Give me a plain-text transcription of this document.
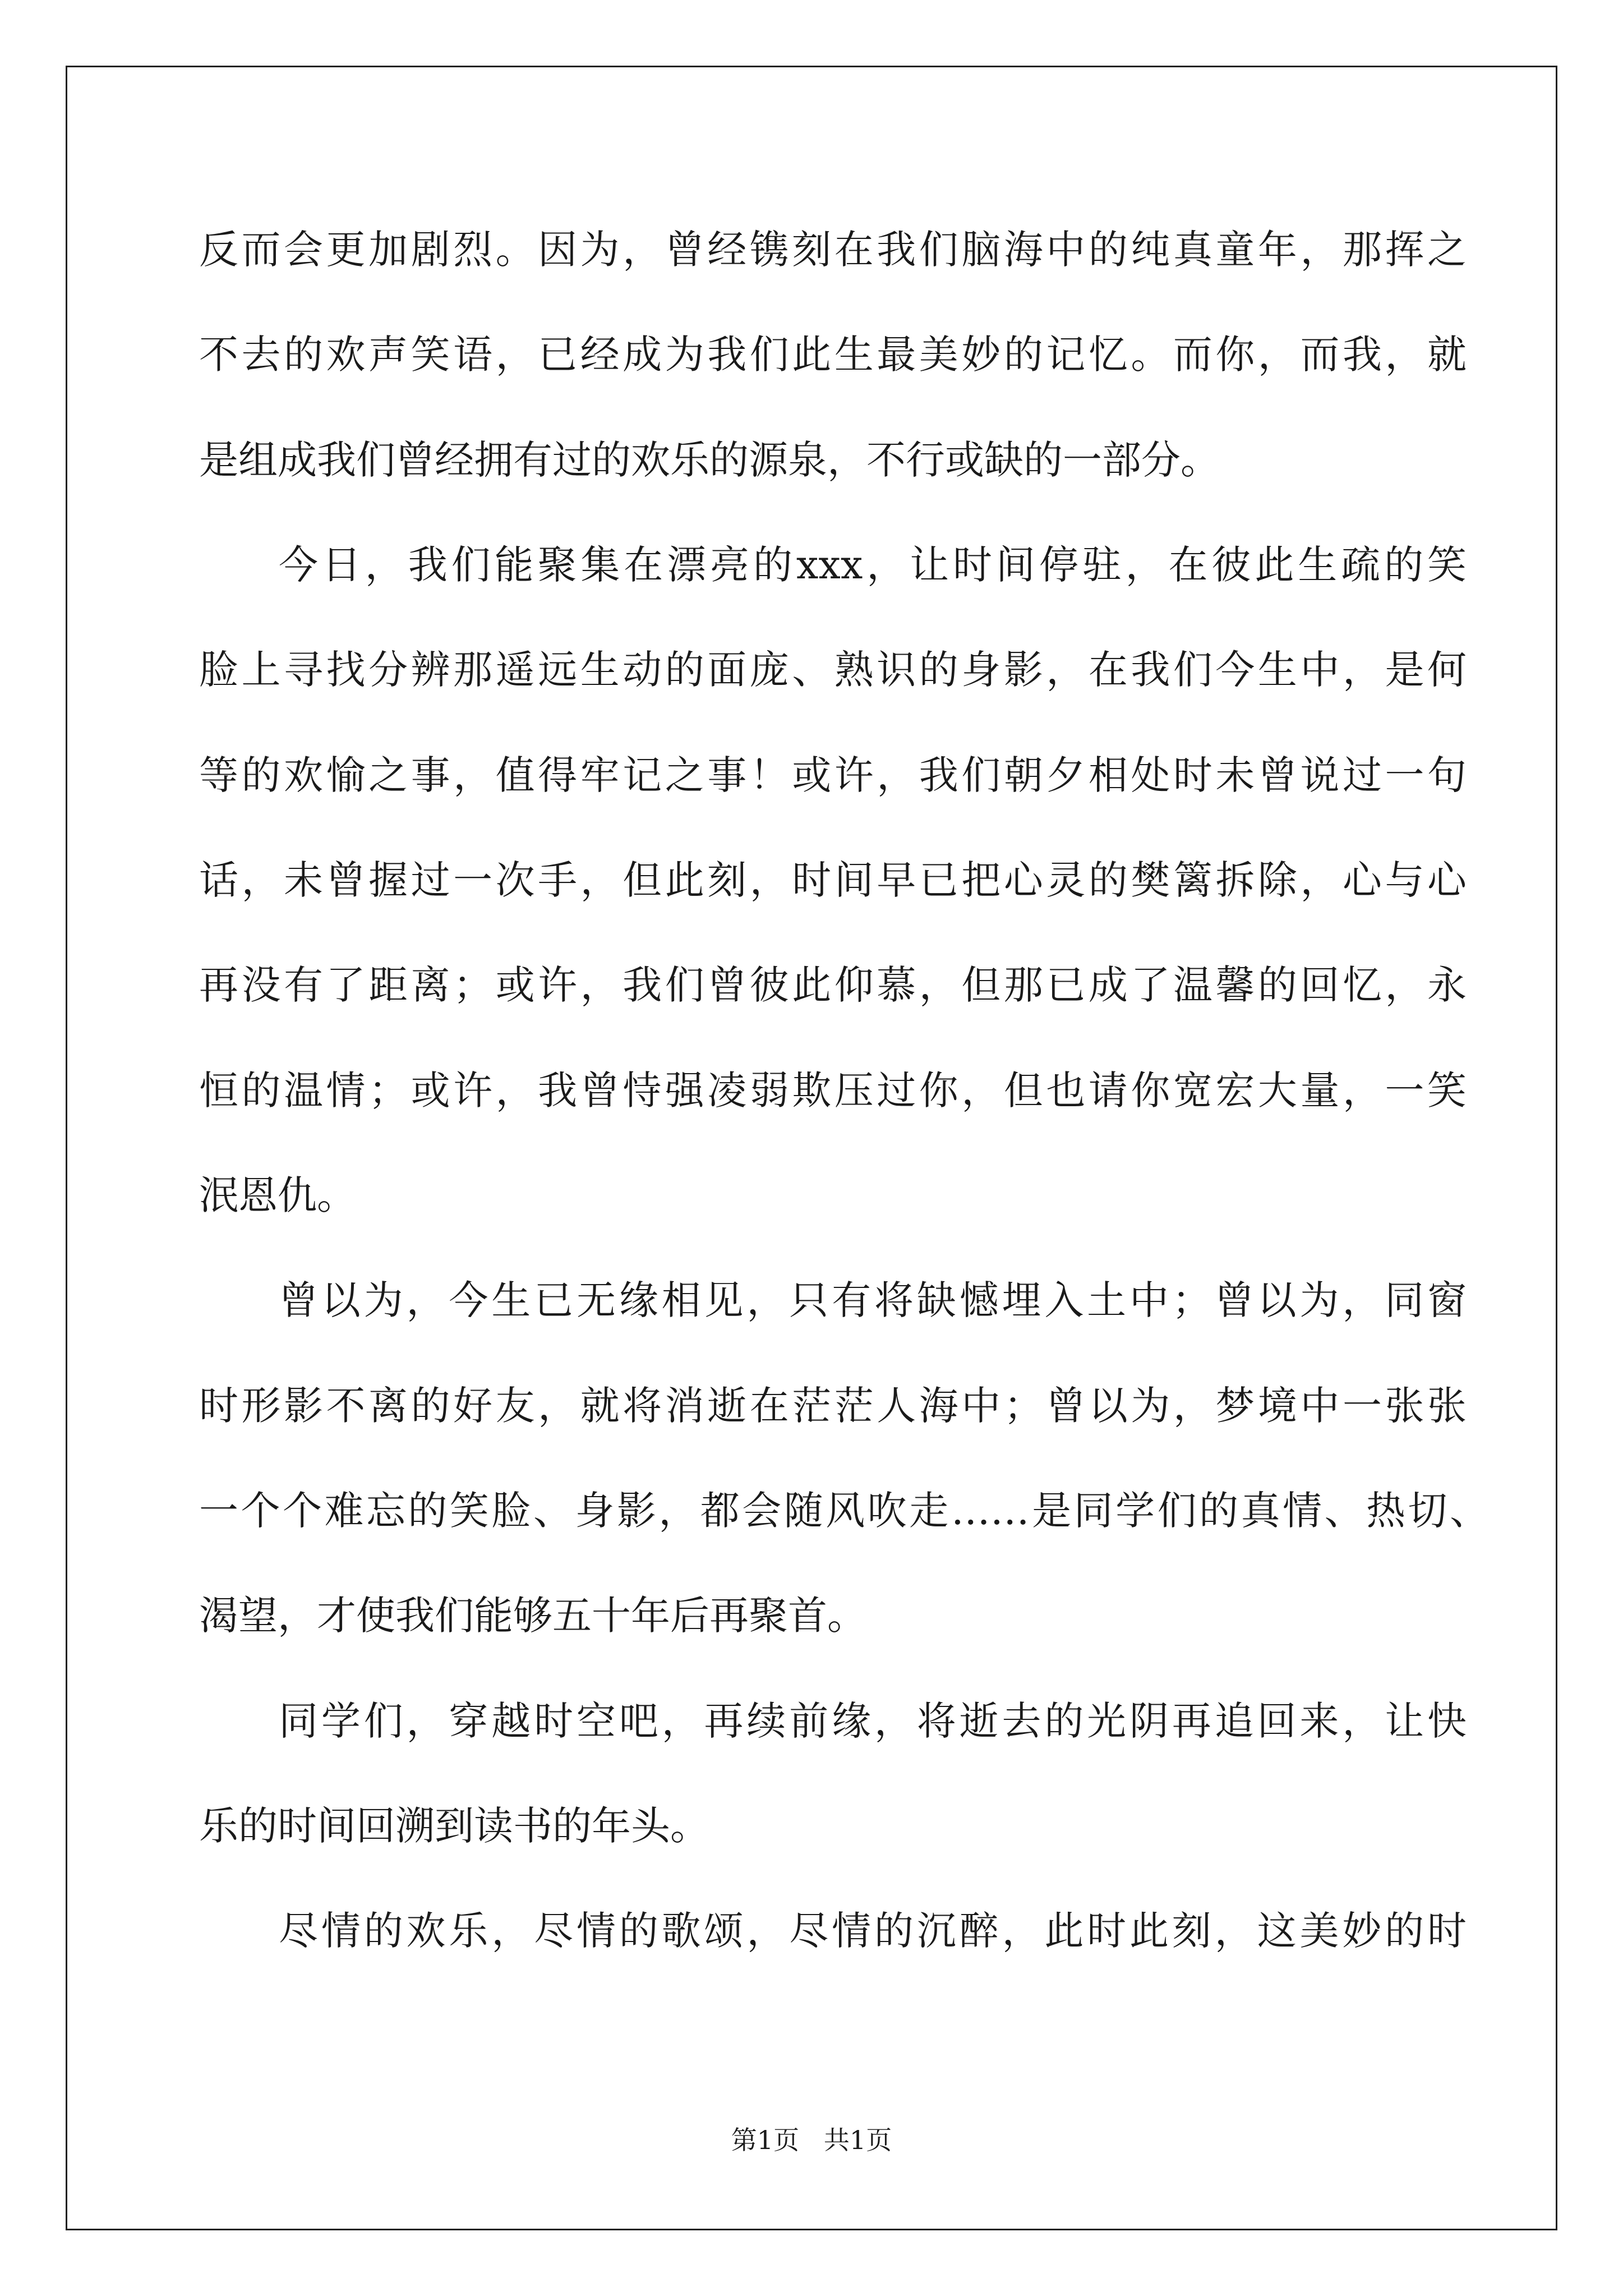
反而会更加剧烈。因为，曾经镌刻在我们脑海中的纯真童年，那挥之
不去的欢声笑语，已经成为我们此生最美妙的记忆。而你，而我，就
是组成我们曾经拥有过的欢乐的源泉，不行或缺的一部分。
今日，我们能聚集在漂亮的xxx，让时间停驻，在彼此生疏的笑
脸上寻找分辨那遥远生动的面庞、熟识的身影，在我们今生中，是何
等的欢愉之事，值得牢记之事！或许，我们朝夕相处时未曾说过一句
话，未曾握过一次手，但此刻，时间早已把心灵的樊篱拆除，心与心
再没有了距离；或许，我们曾彼此仰慕，但那已成了温馨的回忆，永
恒的温情；或许，我曾恃强凌弱欺压过你，但也请你宽宏大量，一笑
泯恩仇。
曾以为，今生已无缘相见，只有将缺憾埋入土中；曾以为，同窗
时形影不离的好友，就将消逝在茫茫人海中；曾以为，梦境中一张张
一个个难忘的笑脸、身影，都会随风吹走……是同学们的真情、热切、
渴望，才使我们能够五十年后再聚首。
同学们，穿越时空吧，再续前缘，将逝去的光阴再追回来，让快
乐的时间回溯到读书的年头。
尽情的欢乐，尽情的歌颂，尽情的沉醉，此时此刻，这美妙的时
第1页   共1页
